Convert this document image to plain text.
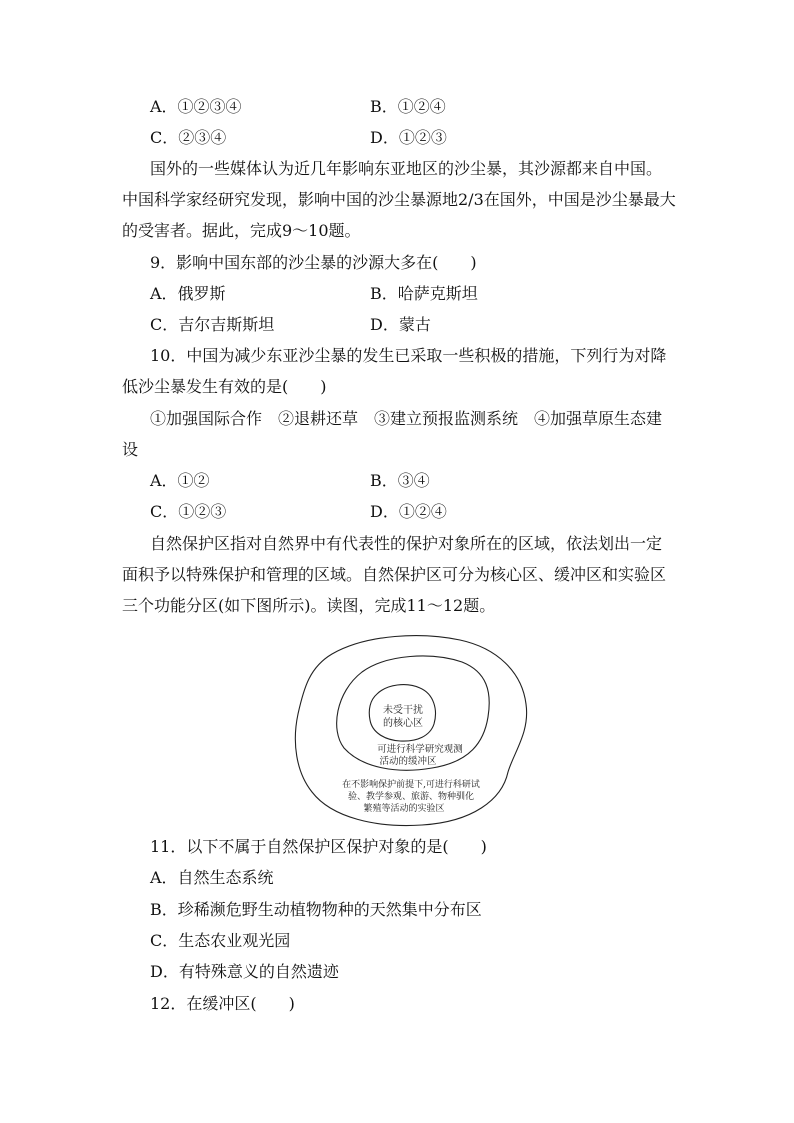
A．①②③④	B．①②④
C．②③④	D．①②③
国外的一些媒体认为近几年影响东亚地区的沙尘暴，其沙源都来自中国。
中国科学家经研究发现，影响中国的沙尘暴源地2/3在国外，中国是沙尘暴最大
的受害者。据此，完成9～10题。
9．影响中国东部的沙尘暴的沙源大多在(　　)
A．俄罗斯	B．哈萨克斯坦
C．吉尔吉斯斯坦	D．蒙古
10．中国为减少东亚沙尘暴的发生已采取一些积极的措施，下列行为对降
低沙尘暴发生有效的是(　　)
①加强国际合作　②退耕还草　③建立预报监测系统　④加强草原生态建
设
A．①②	B．③④
C．①②③	D．①②④
自然保护区指对自然界中有代表性的保护对象所在的区域，依法划出一定
面积予以特殊保护和管理的区域。自然保护区可分为核心区、缓冲区和实验区
三个功能分区(如下图所示)。读图，完成11～12题。
未受干扰
的核心区
可进行科学研究观测
活动的缓冲区
在不影响保护前提下,可进行科研试
验、教学参观、旅游、物种驯化
繁殖等活动的实验区
11．以下不属于自然保护区保护对象的是(　　)
A．自然生态系统
B．珍稀濒危野生动植物物种的天然集中分布区
C．生态农业观光园
D．有特殊意义的自然遗迹
12．在缓冲区(　　)
